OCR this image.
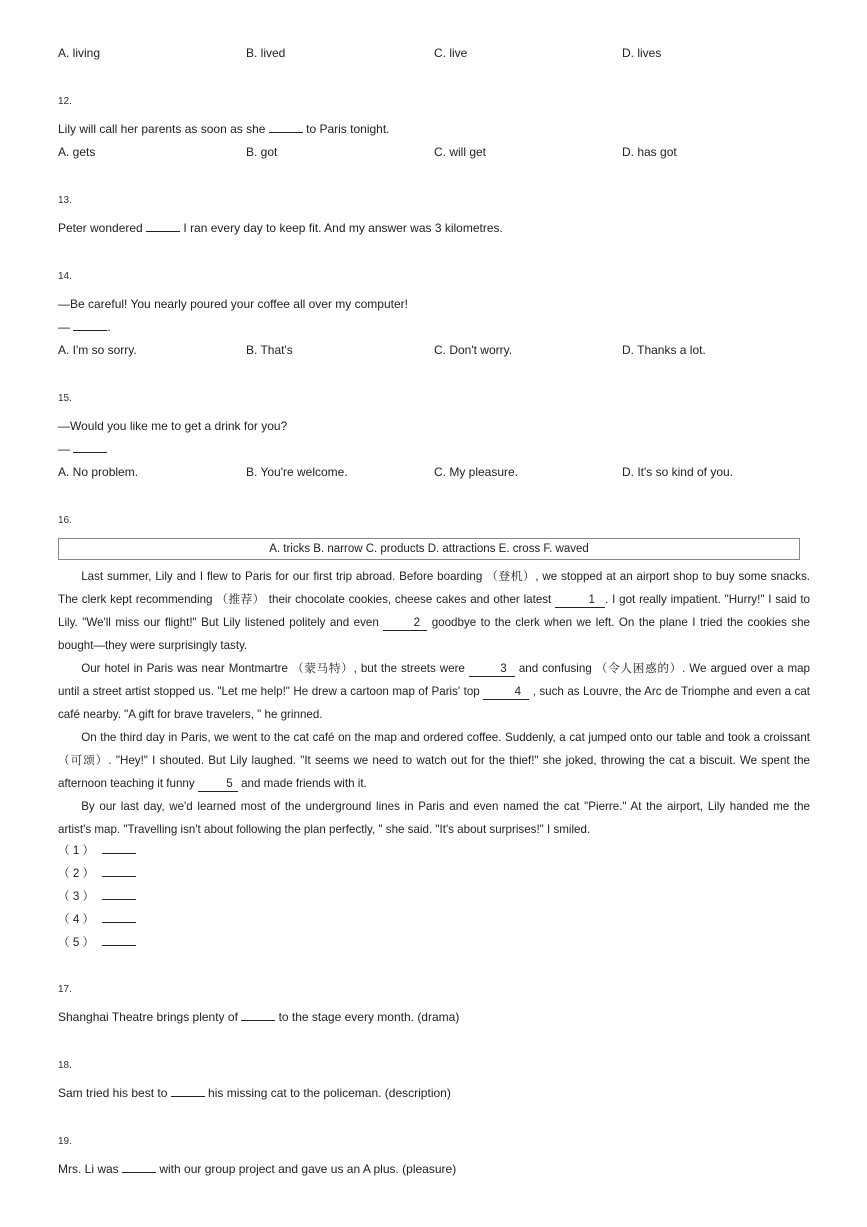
A. living	B. lived	C. live	D. lives
12.
Lily will call her parents as soon as she	to Paris tonight.
A. gets	B. got	C. will get	D. has got
13.
Peter wondered	I ran every day to keep fit. And my answer was 3 kilometres.
14.
—Be careful! You nearly poured your coffee all over my computer!
—	.
A. I'm so sorry.	B. That's	C. Don't worry.	D. Thanks a lot.
15.
—Would you like me to get a drink for you?
—
A. No problem.	B. You're welcome.	C. My pleasure.	D. It's so kind of you.
16.
A. tricks B. narrow C. products D. attractions E. cross F. waved

Last summer, Lily and I flew to Paris for our first trip abroad. Before boarding （登机）, we stopped at an airport shop to buy some snacks. The clerk kept recommending （推荐） their chocolate cookies, cheese cakes and other latest	1 . I got really impatient. "Hurry!" I said to Lily. "We'll miss our flight!" But Lily listened politely and even	2 goodbye to the clerk when we left. On the plane I tried the cookies she bought—they were surprisingly tasty.

Our hotel in Paris was near Montmartre （蒙马特）, but the streets were	3 and confusing （令人困惑的）. We argued over a map until a street artist stopped us. "Let me help!" He drew a cartoon map of Paris' top	4 , such as Louvre, the Arc de Triomphe and even a cat café nearby. "A gift for brave travelers, " he grinned.

On the third day in Paris, we went to the cat café on the map and ordered coffee. Suddenly, a cat jumped onto our table and took a croissant （可颂）. "Hey!" I shouted. But Lily laughed. "It seems we need to watch out for the thief!" she joked, throwing the cat a biscuit. We spent the afternoon teaching it funny 5 and made friends with it.

By our last day, we'd learned most of the underground lines in Paris and even named the cat "Pierre." At the airport, Lily handed me the artist's map. "Travelling isn't about following the plan perfectly, " she said. "It's about surprises!" I smiled.

（ 1 ）
（ 2 ）
（ 3 ）
（ 4 ）
（ 5 ）
17.
Shanghai Theatre brings plenty of	to the stage every month. (drama)
18.
Sam tried his best to	his missing cat to the policeman. (description)
19.
Mrs. Li was	with our group project and gave us an A plus. (pleasure)
